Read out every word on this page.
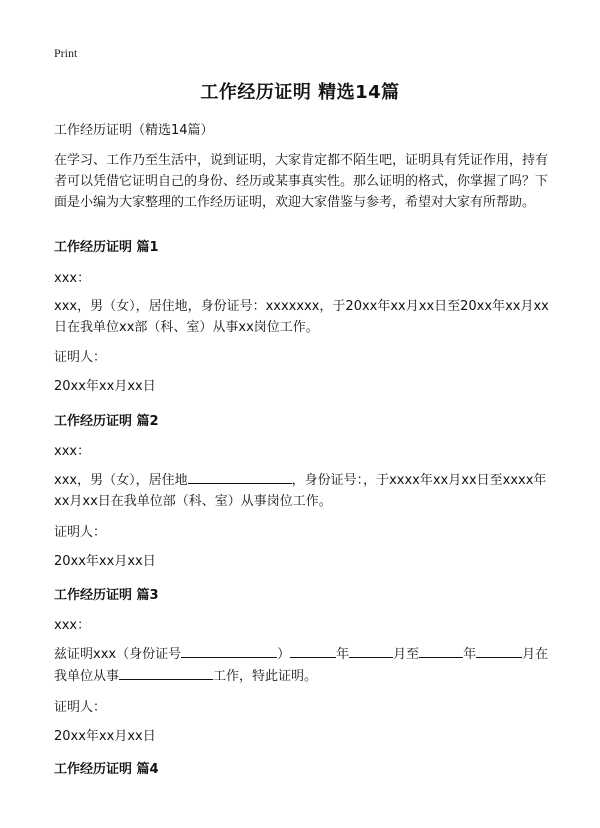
Print
工作经历证明 精选14篇
工作经历证明（精选14篇）
在学习、工作乃至生活中，说到证明，大家肯定都不陌生吧，证明具有凭证作用，持有者可以凭借它证明自己的身份、经历或某事真实性。那么证明的格式，你掌握了吗？下面是小编为大家整理的工作经历证明，欢迎大家借鉴与参考，希望对大家有所帮助。
工作经历证明 篇1
xxx：
xxx，男（女），居住地，身份证号：xxxxxxx，于20xx年xx月xx日至20xx年xx月xx日在我单位xx部（科、室）从事xx岗位工作。
证明人：
20xx年xx月xx日
工作经历证明 篇2
xxx：
xxx，男（女），居住地	，身份证号：，于xxxx年xx月xx日至xxxx年xx月xx日在我单位部（科、室）从事岗位工作。
证明人：
20xx年xx月xx日
工作经历证明 篇3
xxx：
兹证明xxx（身份证号	）	年	月至	年	月在我单位从事	工作，特此证明。
证明人：
20xx年xx月xx日
工作经历证明 篇4
